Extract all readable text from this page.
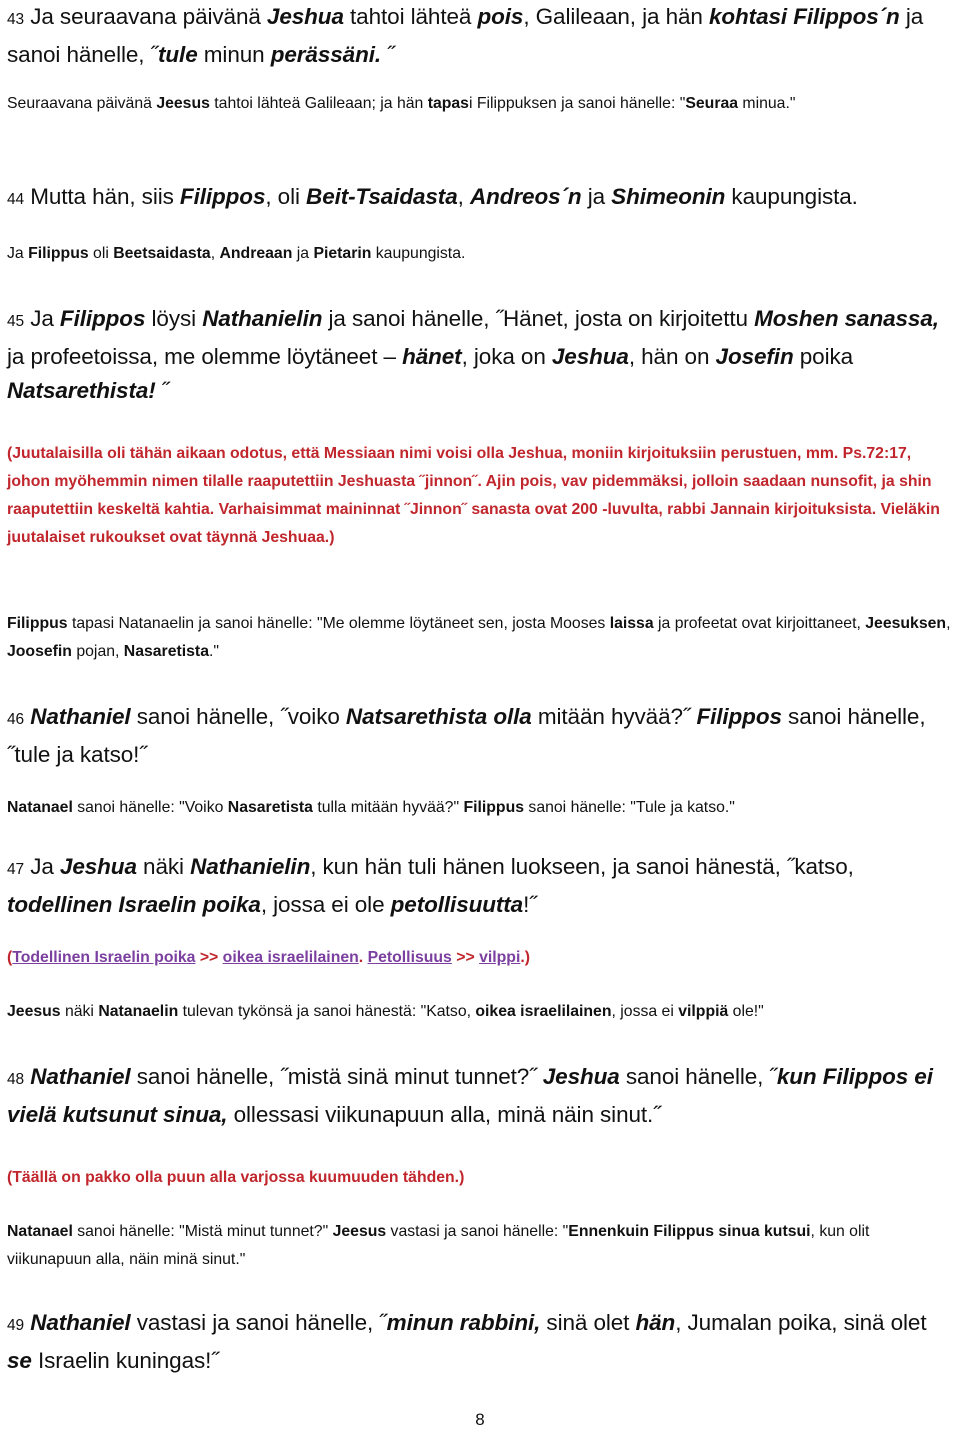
43 Ja seuraavana päivänä Jeshua tahtoi lähteä pois, Galileaan, ja hän kohtasi Filippos´n ja sanoi hänelle, ˝tule minun perässäni. ˝

Seuraavana päivänä Jeesus tahtoi lähteä Galileaan; ja hän tapasi Filippuksen ja sanoi hänelle: "Seuraa minua."

44 Mutta hän, siis Filippos, oli Beit-Tsaidasta, Andreos´n ja Shimeonin kaupungista.

Ja Filippus oli Beetsaidasta, Andreaan ja Pietarin kaupungista.

45 Ja Filippos löysi Nathanielin ja sanoi hänelle, ˝Hänet, josta on kirjoitettu Moshen sanassa, ja profeetoissa, me olemme löytäneet – hänet, joka on Jeshua, hän on Josefin poika Natsarethista! ˝

(Juutalaisilla oli tähän aikaan odotus, että Messiaan nimi voisi olla Jeshua, moniin kirjoituksiin perustuen, mm. Ps.72:17, johon myöhemmin nimen tilalle raaputettiin Jeshuasta ˝jinnon˝. Ajin pois, vav pidemmäksi, jolloin saadaan nunsofit, ja shin raaputettiin keskeltä kahtia. Varhaisimmat maininnat ˝Jinnon˝ sanasta ovat 200 -luvulta, rabbi Jannain kirjoituksista. Vieläkin juutalaiset rukoukset ovat täynnä Jeshuaa.)

Filippus tapasi Natanaelin ja sanoi hänelle: "Me olemme löytäneet sen, josta Mooses laissa ja profeetat ovat kirjoittaneet, Jeesuksen, Joosefin pojan, Nasaretista."

46 Nathaniel sanoi hänelle, ˝voiko Natsarethista olla mitään hyvää?˝ Filippos sanoi hänelle, ˝tule ja katso!˝

Natanael sanoi hänelle: "Voiko Nasaretista tulla mitään hyvää?" Filippus sanoi hänelle: "Tule ja katso."

47 Ja Jeshua näki Nathanielin, kun hän tuli hänen luokseen, ja sanoi hänestä, ˝katso, todellinen Israelin poika, jossa ei ole petollisuutta!˝

(Todellinen Israelin poika >> oikea israelilainen. Petollisuus >> vilppi.)

Jeesus näki Natanaelin tulevan tykönsä ja sanoi hänestä: "Katso, oikea israelilainen, jossa ei vilppiä ole!"

48 Nathaniel sanoi hänelle, ˝mistä sinä minut tunnet?˝ Jeshua sanoi hänelle, ˝kun Filippos ei vielä kutsunut sinua, ollessasi viikunapuun alla, minä näin sinut.˝

(Täällä on pakko olla puun alla varjossa kuumuuden tähden.)

Natanael sanoi hänelle: "Mistä minut tunnet?" Jeesus vastasi ja sanoi hänelle: "Ennenkuin Filippus sinua kutsui, kun olit viikunapuun alla, näin minä sinut."

49 Nathaniel vastasi ja sanoi hänelle, ˝minun rabbini, sinä olet hän, Jumalan poika, sinä olet se Israelin kuningas!˝

8
